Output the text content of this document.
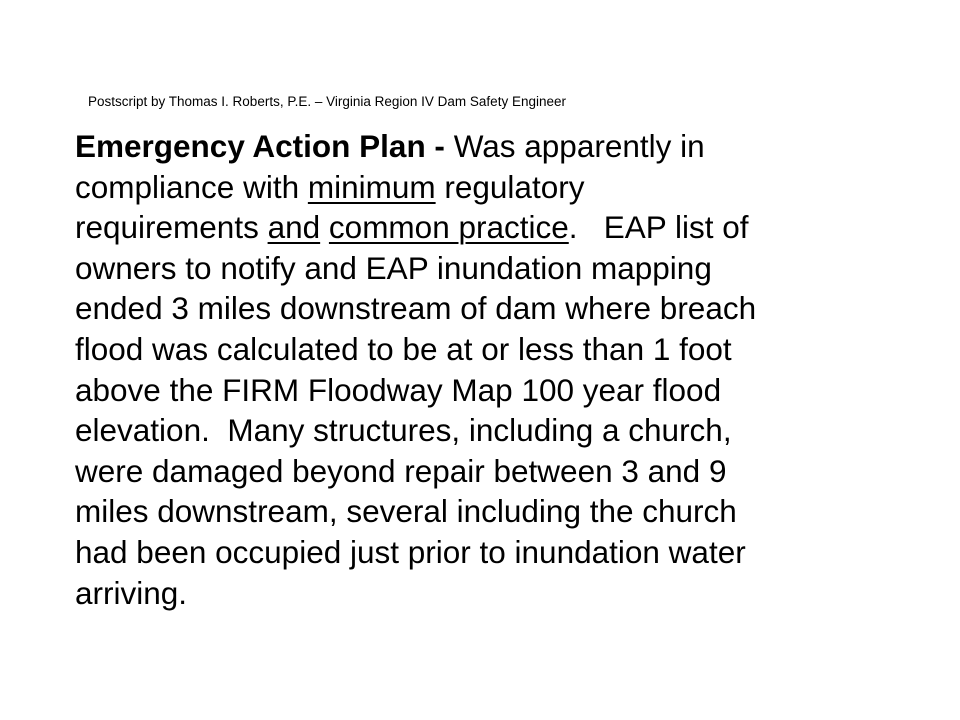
Postscript by Thomas I. Roberts, P.E. – Virginia Region IV Dam Safety Engineer
Emergency Action Plan - Was apparently in
compliance with minimum regulatory
requirements and common practice.   EAP list of
owners to notify and EAP inundation mapping
ended 3 miles downstream of dam where breach
flood was calculated to be at or less than 1 foot
above the FIRM Floodway Map 100 year flood
elevation.  Many structures, including a church,
were damaged beyond repair between 3 and 9
miles downstream, several including the church
had been occupied just prior to inundation water
arriving.
